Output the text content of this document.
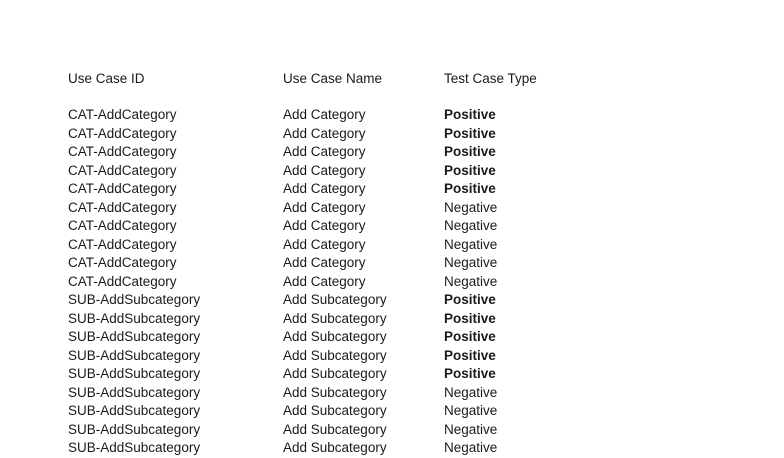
Use Case ID	Use Case Name	Test Case Type
CAT-AddCategory	Add Category	Positive
CAT-AddCategory	Add Category	Positive
CAT-AddCategory	Add Category	Positive
CAT-AddCategory	Add Category	Positive
CAT-AddCategory	Add Category	Positive
CAT-AddCategory	Add Category	Negative
CAT-AddCategory	Add Category	Negative
CAT-AddCategory	Add Category	Negative
CAT-AddCategory	Add Category	Negative
CAT-AddCategory	Add Category	Negative
SUB-AddSubcategory	Add Subcategory	Positive
SUB-AddSubcategory	Add Subcategory	Positive
SUB-AddSubcategory	Add Subcategory	Positive
SUB-AddSubcategory	Add Subcategory	Positive
SUB-AddSubcategory	Add Subcategory	Positive
SUB-AddSubcategory	Add Subcategory	Negative
SUB-AddSubcategory	Add Subcategory	Negative
SUB-AddSubcategory	Add Subcategory	Negative
SUB-AddSubcategory	Add Subcategory	Negative
